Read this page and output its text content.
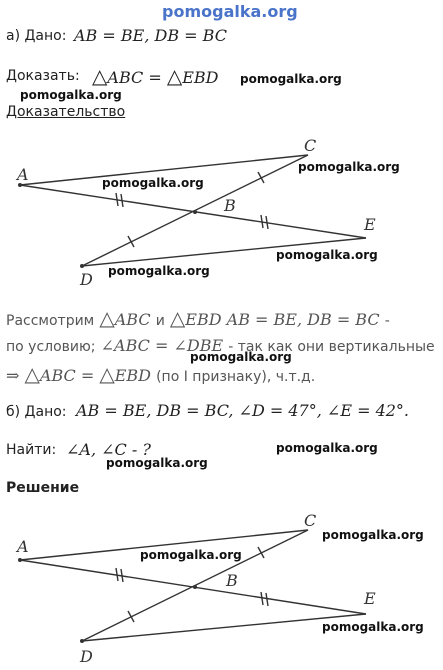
pomogalka.org
а) Дано: AB = BE, DB = BC
Доказать: △ABC = △EBD pomogalka.org
pomogalka.org
Доказательство
A
C
B
E
D
pomogalka.org
pomogalka.org
pomogalka.org
pomogalka.org
Рассмотрим △ABC и △EBD AB = BE, DB = BC -
по условию; ∠ABC = ∠DBE - так как они вертикальные
pomogalka.org
⇒ △ABC = △EBD (по I признаку), ч.т.д.
б) Дано: AB = BE, DB = BC, ∠D = 47°, ∠E = 42°.
Найти: ∠A, ∠C - ?	pomogalka.org
pomogalka.org
Решение
A
C
B
E
D
pomogalka.org
pomogalka.org
pomogalka.org
